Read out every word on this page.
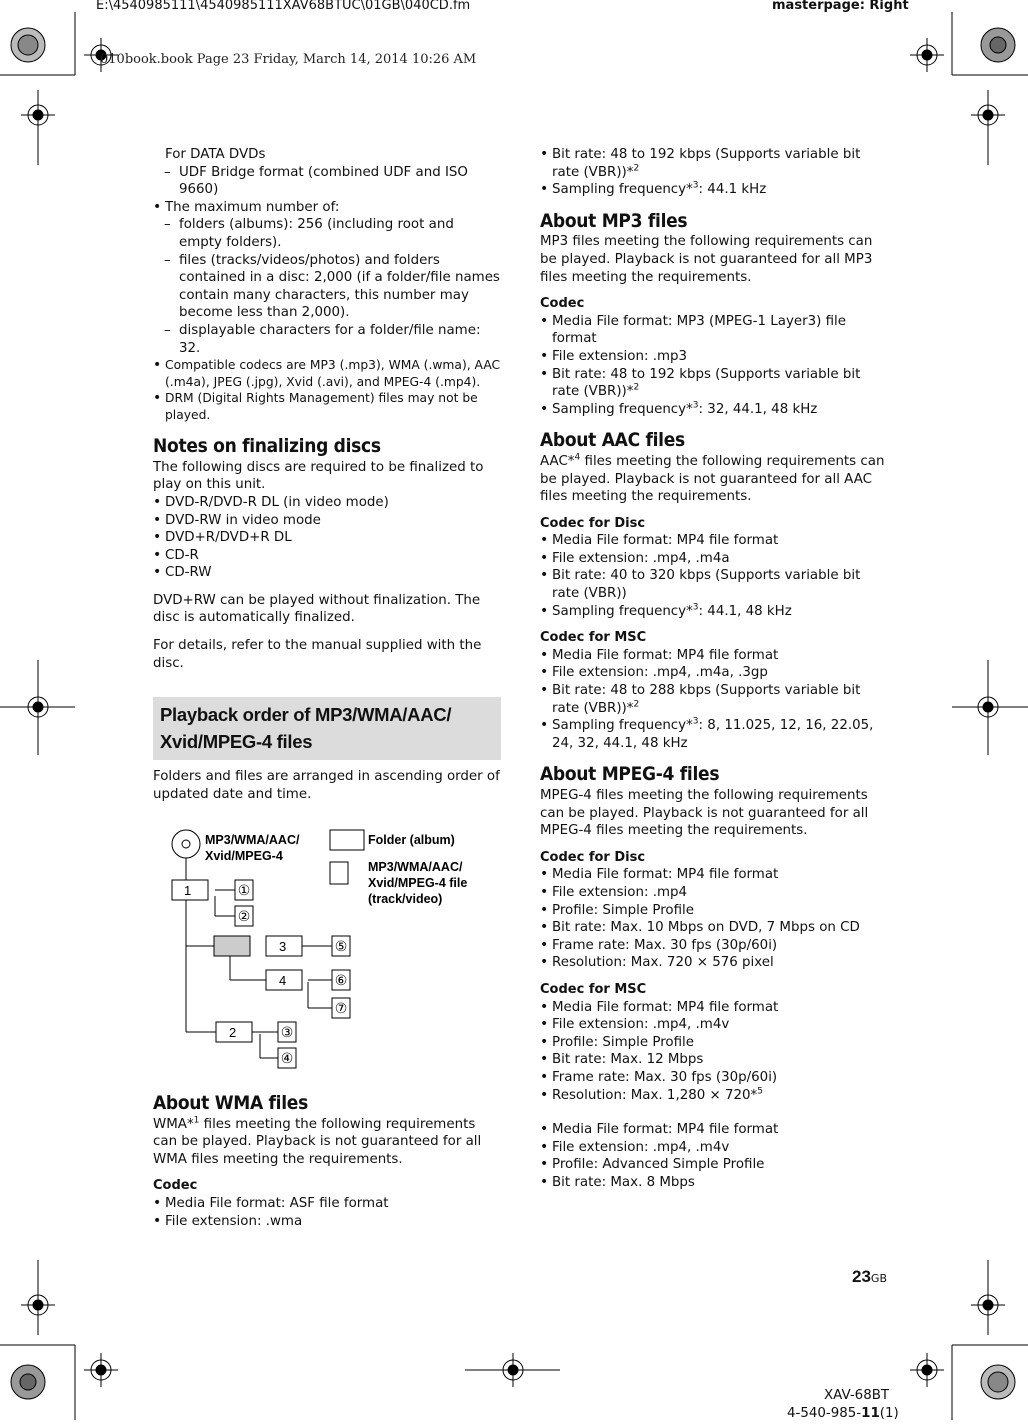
E:\4540985111\4540985111XAV68BTUC\01GB\040CD.fm	masterpage: Right
010book.book Page 23 Friday, March 14, 2014 10:26 AM

For DATA DVDs

– UDF Bridge format (combined UDF and ISO 9660)

• The maximum number of:

– folders (albums): 256 (including root and empty folders).

– files (tracks/videos/photos) and folders contained in a disc: 2,000 (if a folder/file names contain many characters, this number may become less than 2,000).

– displayable characters for a folder/file name: 32.

• Compatible codecs are MP3 (.mp3), WMA (.wma), AAC (.m4a), JPEG (.jpg), Xvid (.avi), and MPEG-4 (.mp4).

• DRM (Digital Rights Management) files may not be played.

Notes on finalizing discs

The following discs are required to be finalized to play on this unit.

• DVD-R/DVD-R DL (in video mode)

• DVD-RW in video mode

• DVD+R/DVD+R DL

• CD-R

• CD-RW

DVD+RW can be played without finalization. The disc is automatically finalized.

For details, refer to the manual supplied with the disc.

Playback order of MP3/WMA/AAC/
Xvid/MPEG-4 files

Folders and files are arranged in ascending order of updated date and time.

1
3
4
2
①
②
⑤
⑥
⑦
③
④
MP3/WMA/AAC/
Xvid/MPEG-4
Folder (album)
MP3/WMA/AAC/
Xvid/MPEG-4 file
(track/video)
About WMA files

WMA*$^1$ files meeting the following requirements can be played. Playback is not guaranteed for all WMA files meeting the requirements.

Codec

• Media File format: ASF file format

• File extension: .wma

• Bit rate: 48 to 192 kbps (Supports variable bit rate (VBR))*$^2$

• Sampling frequency*$^3$: 44.1 kHz

About MP3 files

MP3 files meeting the following requirements can be played. Playback is not guaranteed for all MP3 files meeting the requirements.

Codec

• Media File format: MP3 (MPEG-1 Layer3) file format

• File extension: .mp3

• Bit rate: 48 to 192 kbps (Supports variable bit rate (VBR))*$^2$

• Sampling frequency*$^3$: 32, 44.1, 48 kHz

About AAC files

AAC*$^4$ files meeting the following requirements can be played. Playback is not guaranteed for all AAC files meeting the requirements.

Codec for Disc

• Media File format: MP4 file format

• File extension: .mp4, .m4a

• Bit rate: 40 to 320 kbps (Supports variable bit rate (VBR))

• Sampling frequency*$^3$: 44.1, 48 kHz

Codec for MSC

• Media File format: MP4 file format

• File extension: .mp4, .m4a, .3gp

• Bit rate: 48 to 288 kbps (Supports variable bit rate (VBR))*$^2$

• Sampling frequency*$^3$: 8, 11.025, 12, 16, 22.05, 24, 32, 44.1, 48 kHz

About MPEG-4 files

MPEG-4 files meeting the following requirements can be played. Playback is not guaranteed for all MPEG-4 files meeting the requirements.

Codec for Disc

• Media File format: MP4 file format

• File extension: .mp4

• Profile: Simple Profile

• Bit rate: Max. 10 Mbps on DVD, 7 Mbps on CD

• Frame rate: Max. 30 fps (30p/60i)

• Resolution: Max. 720 × 576 pixel

Codec for MSC

• Media File format: MP4 file format

• File extension: .mp4, .m4v

• Profile: Simple Profile

• Bit rate: Max. 12 Mbps

• Frame rate: Max. 30 fps (30p/60i)

• Resolution: Max. 1,280 × 720*$^5$

• Media File format: MP4 file format

• File extension: .mp4, .m4v

• Profile: Advanced Simple Profile

• Bit rate: Max. 8 Mbps

23GB
XAV-68BT
4-540-985-11(1)
